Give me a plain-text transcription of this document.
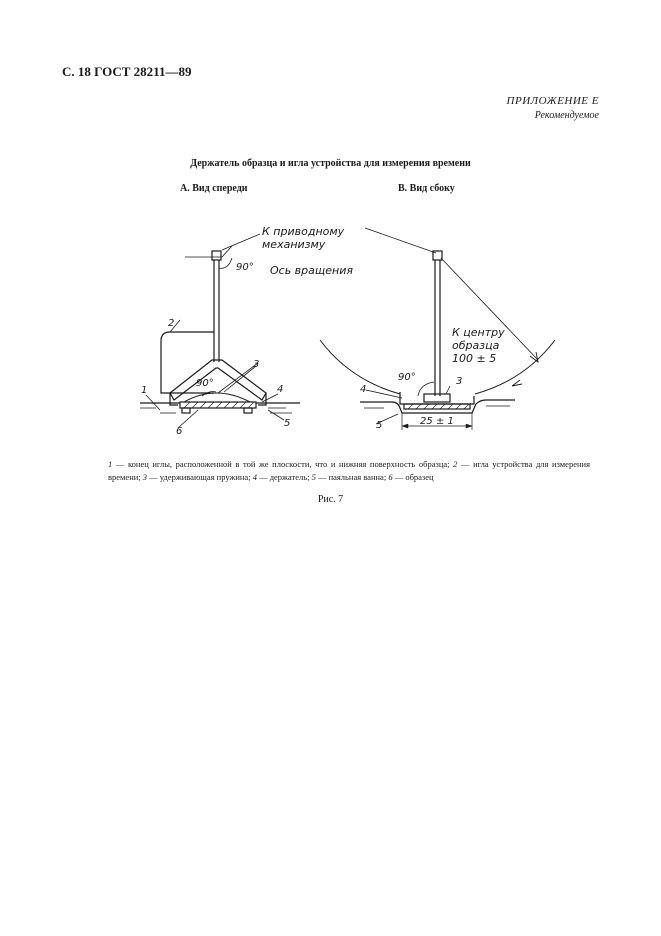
С. 18 ГОСТ 28211—89
ПРИЛОЖЕНИЕ Е
Рекомендуемое
Держатель образца и игла устройства для измерения времени
А. Вид спереди	В. Вид сбоку
К приводному
механизму
90° Ось вращения
90°
1
2
3
4
5
6
К центру
образца
100 ± 5
90°	3
4
5	25 ± 1
1 — конец иглы, расположенной в той же плоскости, что и нижняя поверхность образца; 2 — игла устройства для измерения времени; 3 — удерживающая пружина; 4 — держатель; 5 — паяльная ванна; 6 — образец
Рис. 7
